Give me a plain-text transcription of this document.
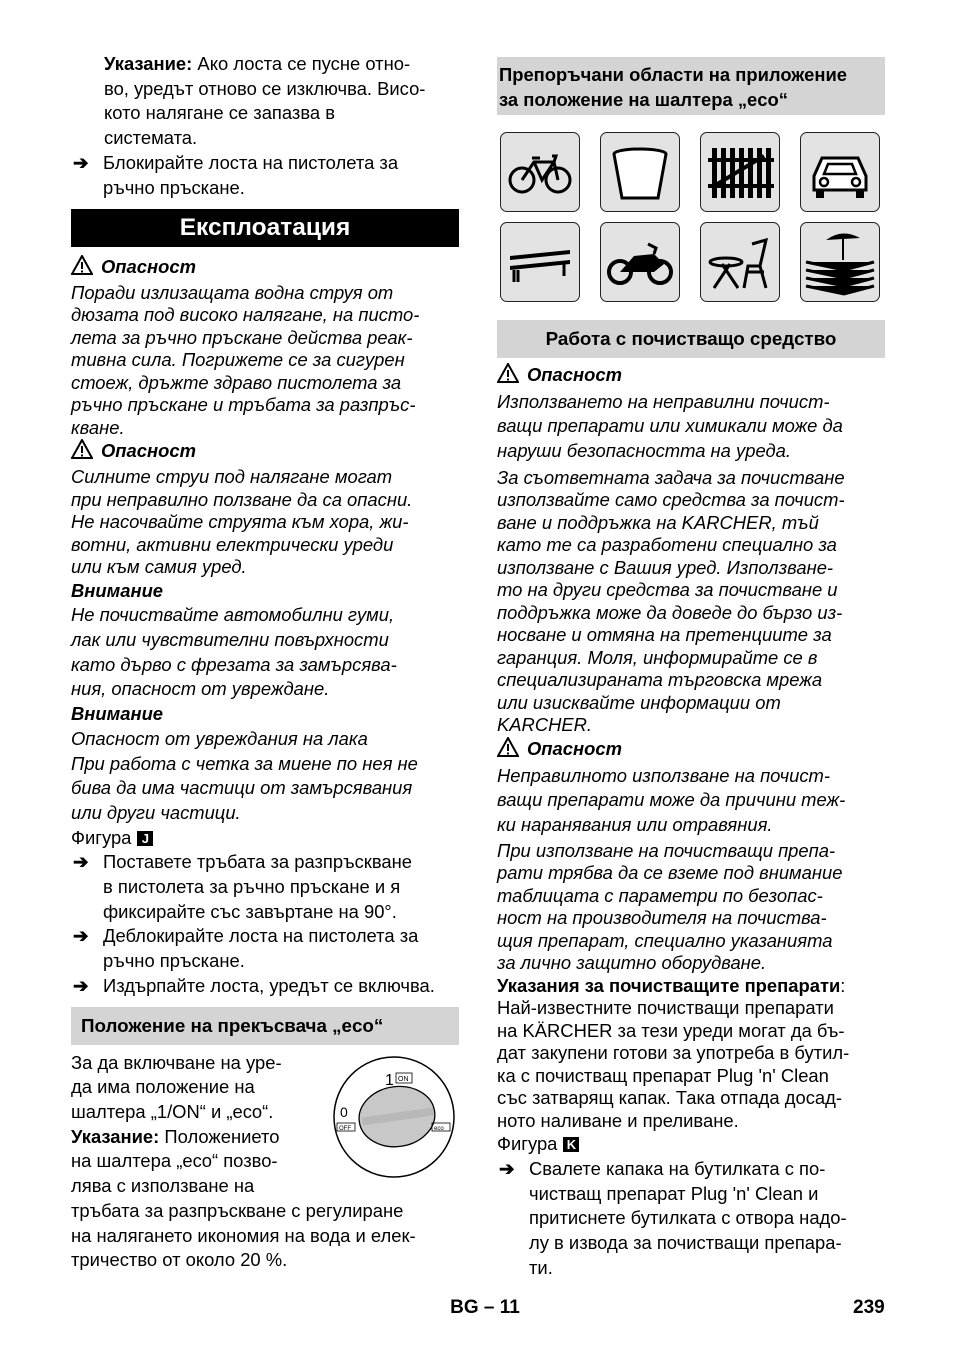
Указание: Ако лоста се пусне отно-

во, уредът отново се изключва. Висо-

кото налягане се запазва в

системата.

➔ Блокирайте лоста на пистолета за

ръчно пръскане.

Експлоатация

Опасност

Поради излизащата водна струя от

дюзата под високо налягане, на писто-

лета за ръчно пръскане действа реак-

тивна сила. Погрижете се за сигурен

стоеж, дръжте здраво пистолета за

ръчно пръскане и тръбата за разпръс-

кване.

Опасност

Силните струи под налягане могат

при неправилно ползване да са опасни.

Не насочвайте струята към хора, жи-

вотни, активни електрически уреди

или към самия уред.

Внимание

Не почиствайте автомобилни гуми,

лак или чувствителни повърхности

като дърво с фрезата за замърсява-

ния, опасност от увреждане.

Внимание

Опасност от увреждания на лака

При работа с четка за миене по нея не

бива да има частици от замърсявания

или други частици.

Фигура J

➔ Поставете тръбата за разпръскване

в пистолета за ръчно пръскане и я

фиксирайте със завъртане на 90°.

➔ Деблокирайте лоста на пистолета за

ръчно пръскане.

➔ Издърпайте лоста, уредът се включва.

Положение на прекъсвача „eco“
1 ON
0
OFF	eco

За да включване на уре-

да има положение на

шалтера „1/ON“ и „eco“.

Указание: Положението

на шалтера „eco“ позво-

лява с използване на

тръбата за разпръскване с регулиране

на налягането икономия на вода и елек-

тричество от около 20 %.

Препоръчани области на приложение

за положение на шалтера „eco“

Работа с почистващо средство

Опасност

Използването на неправилни почист-

ващи препарати или химикали може да

наруши безопасността на уреда.

За съответната задача за почистване

използвайте само средства за почист-

ване и поддръжка на KARCHER, тъй

като те са разработени специално за

използване с Вашия уред. Използване-

то на други средства за почистване и

поддръжка може да доведе до бързо из-

носване и отмяна на претенциите за

гаранция. Моля, информирайте се в

специализираната търговска мрежа

или изисквайте информации от

KARCHER.

Опасност

Неправилното използване на почист-

ващи препарати може да причини теж-

ки наранявания или отравяния.

При използване на почистващи препа-

рати трябва да се вземе под внимание

таблицата с параметри по безопас-

ност на производителя на почиства-

щия препарат, специално указанията

за лично защитно оборудване.

Указания за почистващите препарати:

Най-известните почистващи препарати

на KÄRCHER за тези уреди могат да бъ-

дат закупени готови за употреба в бутил-

ка с почистващ препарат Plug 'n' Clean

със затварящ капак. Така отпада досад-

ното наливане и преливане.

Фигура K

➔ Свалете капака на бутилката с по-

чистващ препарат Plug 'n' Clean и

притиснете бутилката с отвора надо-

лу в извода за почистващи препара-

ти.

BG – 11	239
